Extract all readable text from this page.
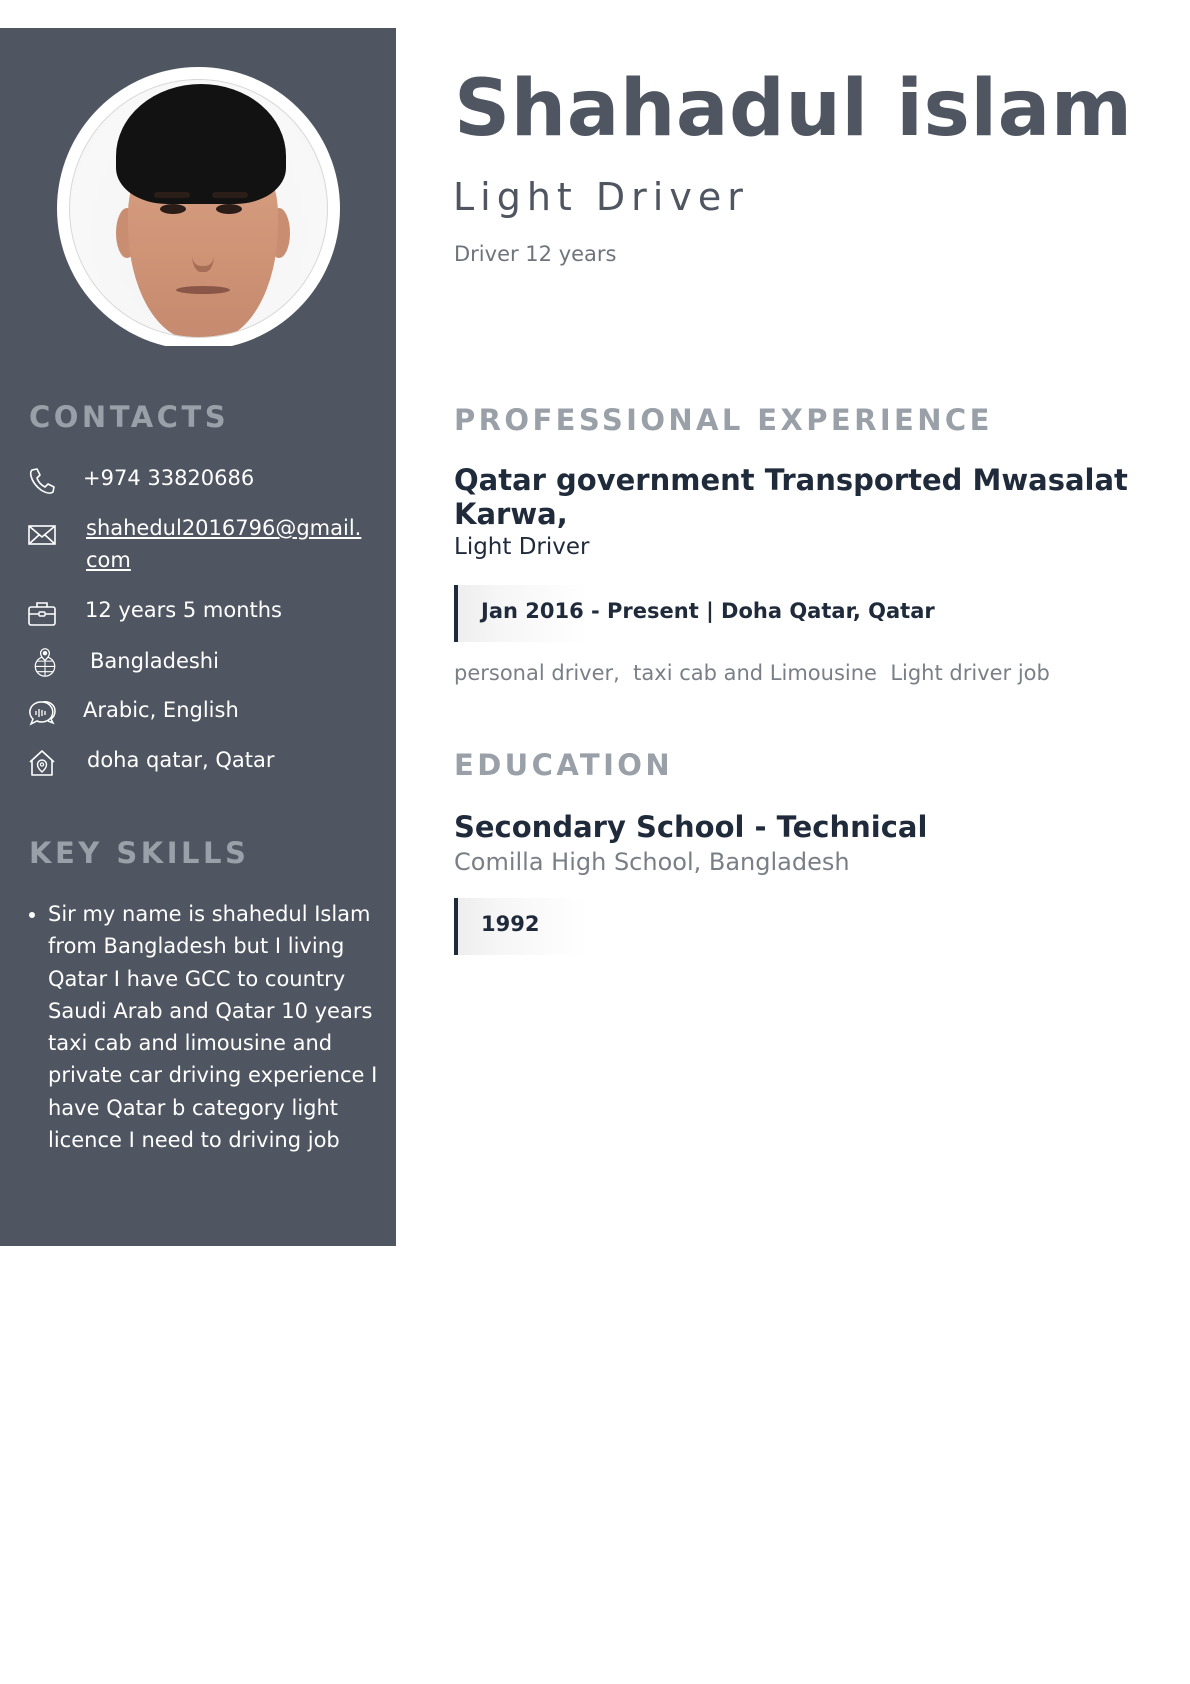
CONTACTS
+974 33820686
shahedul2016796@gmail.
com
12 years 5 months
Bangladeshi
Arabic, English
doha qatar, Qatar
KEY SKILLS
• Sir my name is shahedul Islam from Bangladesh but I living Qatar I have GCC to country Saudi Arab and Qatar 10 years taxi cab and limousine and private car driving experience I have Qatar b category light licence I need to driving job
Shahadul islam
Light Driver
Driver 12 years
PROFESSIONAL EXPERIENCE
Qatar government Transported Mwasalat Karwa,
Light Driver
Jan 2016 - Present | Doha Qatar, Qatar
personal driver,  taxi cab and Limousine  Light driver job
EDUCATION
Secondary School - Technical
Comilla High School, Bangladesh
1992
